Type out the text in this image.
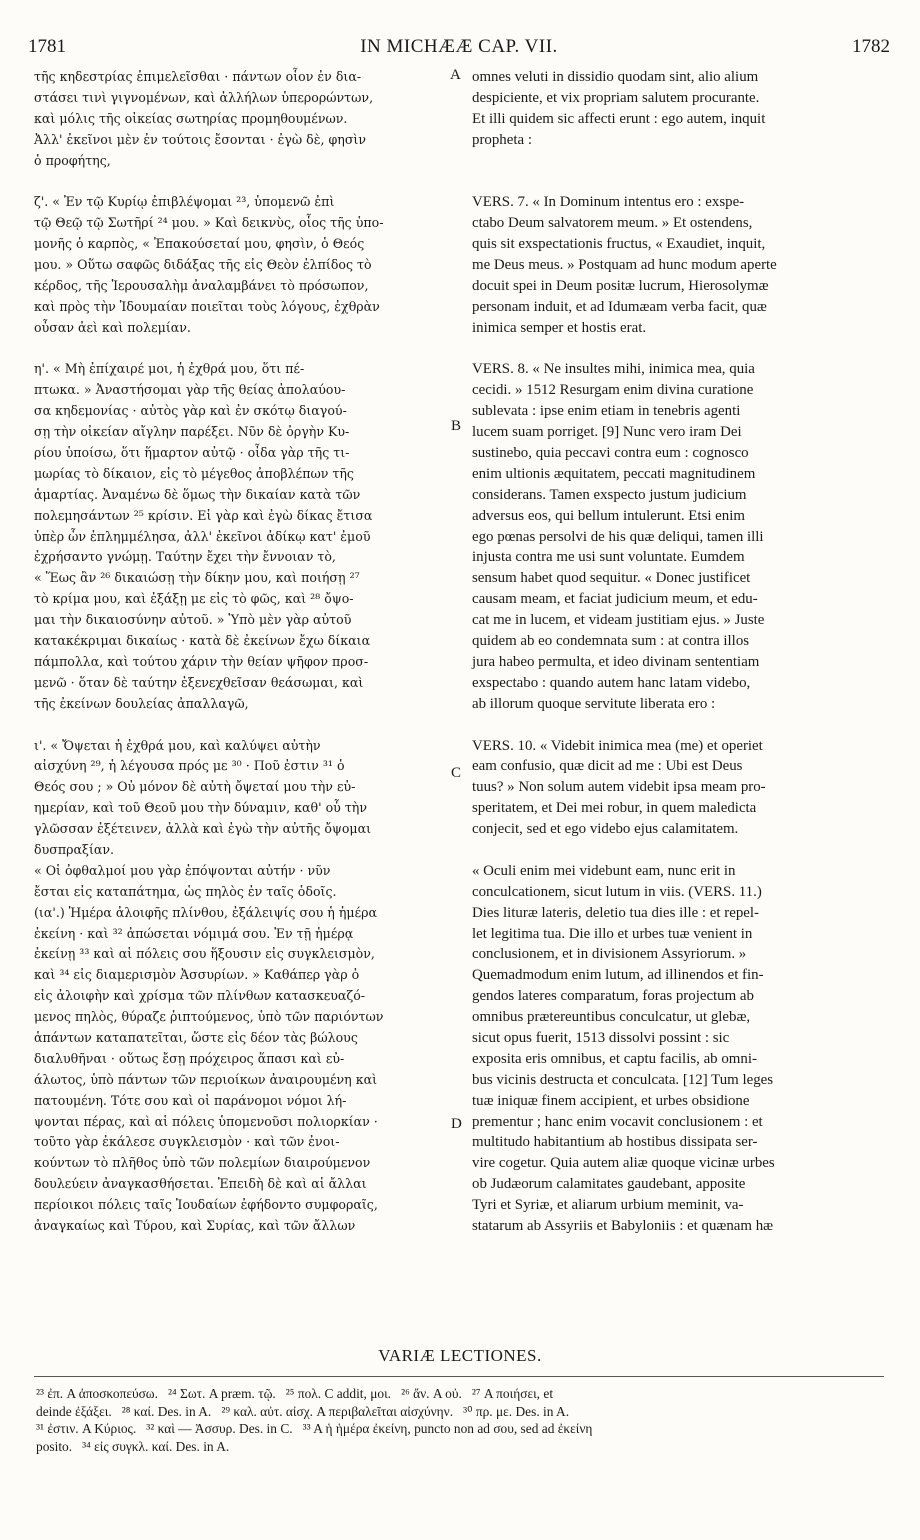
1781	IN MICHÆÆ CAP. VII.	1782
τῆς κηδεστρίας ἐπιμελεῖσθαι · πάντων οἷον ἐν δια-
στάσει τινὶ γιγνομένων, καὶ ἀλλήλων ὑπερορώντων,
καὶ μόλις τῆς οἰκείας σωτηρίας προμηθουμένων.
Ἀλλ' ἐκεῖνοι μὲν ἐν τούτοις ἔσονται · ἐγὼ δὲ, φησὶν
ὁ προφήτης,
ζ'. « Ἐν τῷ Κυρίῳ ἐπιβλέψομαι ²³, ὑπομενῶ ἐπὶ
τῷ Θεῷ τῷ Σωτῆρί ²⁴ μου. » Καὶ δεικνὺς, οἷος τῆς ὑπο-
μονῆς ὁ καρπὸς, « Ἐπακούσεταί μου, φησὶν, ὁ Θεός
μου. » Οὕτω σαφῶς διδάξας τῆς εἰς Θεὸν ἐλπίδος τὸ
κέρδος, τῆς Ἱερουσαλὴμ ἀναλαμβάνει τὸ πρόσωπον,
καὶ πρὸς τὴν Ἰδουμαίαν ποιεῖται τοὺς λόγους, ἐχθρὰν
οὖσαν ἀεὶ καὶ πολεμίαν.
η'. « Μὴ ἐπίχαιρέ μοι, ἡ ἐχθρά μου, ὅτι πέ-
πτωκα. » Ἀναστήσομαι γὰρ τῆς θείας ἀπολαύου-
σα κηδεμονίας · αὐτὸς γὰρ καὶ ἐν σκότῳ διαγού-
σῃ τὴν οἰκείαν αἴγλην παρέξει. Νῦν δὲ ὀργὴν Κυ-
ρίου ὑποίσω, ὅτι ἥμαρτον αὐτῷ · οἶδα γὰρ τῆς τι-
μωρίας τὸ δίκαιον, εἰς τὸ μέγεθος ἀποβλέπων τῆς
ἁμαρτίας. Ἀναμένω δὲ ὅμως τὴν δικαίαν κατὰ τῶν
πολεμησάντων ²⁵ κρίσιν. Εἰ γὰρ καὶ ἐγὼ δίκας ἔτισα
ὑπὲρ ὧν ἐπλημμέλησα, ἀλλ' ἐκεῖνοι ἀδίκῳ κατ' ἐμοῦ
ἐχρήσαντο γνώμῃ. Ταύτην ἔχει τὴν ἔννοιαν τὸ,
« Ἕως ἂν ²⁶ δικαιώσῃ τὴν δίκην μου, καὶ ποιήσῃ ²⁷
τὸ κρίμα μου, καὶ ἐξάξῃ με εἰς τὸ φῶς, καὶ ²⁸ ὄψο-
μαι τὴν δικαιοσύνην αὐτοῦ. » Ὑπὸ μὲν γὰρ αὐτοῦ
κατακέκριμαι δικαίως · κατὰ δὲ ἐκείνων ἔχω δίκαια
πάμπολλα, καὶ τούτου χάριν τὴν θείαν ψῆφον προσ-
μενῶ · ὅταν δὲ ταύτην ἐξενεχθεῖσαν θεάσωμαι, καὶ
τῆς ἐκείνων δουλείας ἀπαλλαγῶ,
ι'. « Ὄψεται ἡ ἐχθρά μου, καὶ καλύψει αὐτὴν
αἰσχύνη ²⁹, ἡ λέγουσα πρός με ³⁰ · Ποῦ ἐστιν ³¹ ὁ
Θεός σου ; » Οὐ μόνον δὲ αὐτὴ ὄψεταί μου τὴν εὐ-
ημερίαν, καὶ τοῦ Θεοῦ μου τὴν δύναμιν, καθ' οὗ τὴν
γλῶσσαν ἐξέτεινεν, ἀλλὰ καὶ ἐγὼ τὴν αὐτῆς ὄψομαι
δυσπραξίαν.
« Οἱ ὀφθαλμοί μου γὰρ ἐπόψονται αὐτήν · νῦν
ἔσται εἰς καταπάτημα, ὡς πηλὸς ἐν ταῖς ὁδοῖς.
(ια'.) Ἡμέρα ἀλοιφῆς πλίνθου, ἐξάλειψίς σου ἡ ἡμέρα
ἐκείνη · καὶ ³² ἀπώσεται νόμιμά σου. Ἐν τῇ ἡμέρᾳ
ἐκείνῃ ³³ καὶ αἱ πόλεις σου ἥξουσιν εἰς συγκλεισμὸν,
καὶ ³⁴ εἰς διαμερισμὸν Ἀσσυρίων. » Καθάπερ γὰρ ὁ
εἰς ἀλοιφὴν καὶ χρίσμα τῶν πλίνθων κατασκευαζό-
μενος πηλὸς, θύραζε ῥιπτούμενος, ὑπὸ τῶν παριόντων
ἁπάντων καταπατεῖται, ὥστε εἰς δέον τὰς βώλους
διαλυθῆναι · οὕτως ἔσῃ πρόχειρος ἅπασι καὶ εὐ-
άλωτος, ὑπὸ πάντων τῶν περιοίκων ἀναιρουμένη καὶ
πατουμένη. Τότε σου καὶ οἱ παράνομοι νόμοι λή-
ψονται πέρας, καὶ αἱ πόλεις ὑπομενοῦσι πολιορκίαν ·
τοῦτο γὰρ ἐκάλεσε συγκλεισμὸν · καὶ τῶν ἐνοι-
κούντων τὸ πλῆθος ὑπὸ τῶν πολεμίων διαιρούμενον
δουλεύειν ἀναγκασθήσεται. Ἐπειδὴ δὲ καὶ αἱ ἄλλαι
περίοικοι πόλεις ταῖς Ἰουδαίων ἐφήδοντο συμφοραῖς,
ἀναγκαίως καὶ Τύρου, καὶ Συρίας, καὶ τῶν ἄλλων
omnes veluti in dissidio quodam sint, alio alium
despiciente, et vix propriam salutem procurante.
Et illi quidem sic affecti erunt : ego autem, inquit
propheta :
VERS. 7. « In Dominum intentus ero : exspe-
ctabo Deum salvatorem meum. » Et ostendens,
quis sit exspectationis fructus, « Exaudiet, inquit,
me Deus meus. » Postquam ad hunc modum aperte
docuit spei in Deum positæ lucrum, Hierosolymæ
personam induit, et ad Idumæam verba facit, quæ
inimica semper et hostis erat.
VERS. 8. « Ne insultes mihi, inimica mea, quia
cecidi. » 1512 Resurgam enim divina curatione
sublevata : ipse enim etiam in tenebris agenti
lucem suam porriget. [9] Nunc vero iram Dei
sustinebo, quia peccavi contra eum : cognosco
enim ultionis æquitatem, peccati magnitudinem
considerans. Tamen exspecto justum judicium
adversus eos, qui bellum intulerunt. Etsi enim
ego pœnas persolvi de his quæ deliqui, tamen illi
injusta contra me usi sunt voluntate. Eumdem
sensum habet quod sequitur. « Donec justificet
causam meam, et faciat judicium meum, et edu-
cat me in lucem, et videam justitiam ejus. » Juste
quidem ab eo condemnata sum : at contra illos
jura habeo permulta, et ideo divinam sententiam
exspectabo : quando autem hanc latam videbo,
ab illorum quoque servitute liberata ero :
VERS. 10. « Videbit inimica mea (me) et operiet
eam confusio, quæ dicit ad me : Ubi est Deus
tuus? » Non solum autem videbit ipsa meam pro-
speritatem, et Dei mei robur, in quem maledicta
conjecit, sed et ego videbo ejus calamitatem.
« Oculi enim mei videbunt eam, nunc erit in
conculcationem, sicut lutum in viis. (VERS. 11.)
Dies lituræ lateris, deletio tua dies ille : et repel-
let legitima tua. Die illo et urbes tuæ venient in
conclusionem, et in divisionem Assyriorum. »
Quemadmodum enim lutum, ad illinendos et fin-
gendos lateres comparatum, foras projectum ab
omnibus prætereuntibus conculcatur, ut glebæ,
sicut opus fuerit, 1513 dissolvi possint : sic
exposita eris omnibus, et captu facilis, ab omni-
bus vicinis destructa et conculcata. [12] Tum leges
tuæ iniquæ finem accipient, et urbes obsidione
prementur ; hanc enim vocavit conclusionem : et
multitudo habitantium ab hostibus dissipata ser-
vire cogetur. Quia autem aliæ quoque vicinæ urbes
ob Judæorum calamitates gaudebant, apposite
Tyri et Syriæ, et aliarum urbium meminit, va-
statarum ab Assyriis et Babyloniis : et quænam hæ
A
B
C
D
VARIÆ LECTIONES.
²³ ἐπ. A ἀποσκοπεύσω.   ²⁴ Σωτ. A præm. τῷ.   ²⁵ πολ. C addit, μοι.   ²⁶ ἄν. A οὐ.   ²⁷ A ποιήσει, et
deinde ἐξάξει.   ²⁸ καί. Des. in A.   ²⁹ καλ. αὐτ. αἰσχ. A περιβαλεῖται αἰσχύνην.   ³⁰ πρ. με. Des. in A.
³¹ ἐστιν. A Κύριος.   ³² καὶ — Ἀσσυρ. Des. in C.   ³³ A ἡ ἡμέρα ἐκείνη, puncto non ad σου, sed ad ἐκείνη
posito.   ³⁴ εἰς συγκλ. καί. Des. in A.
